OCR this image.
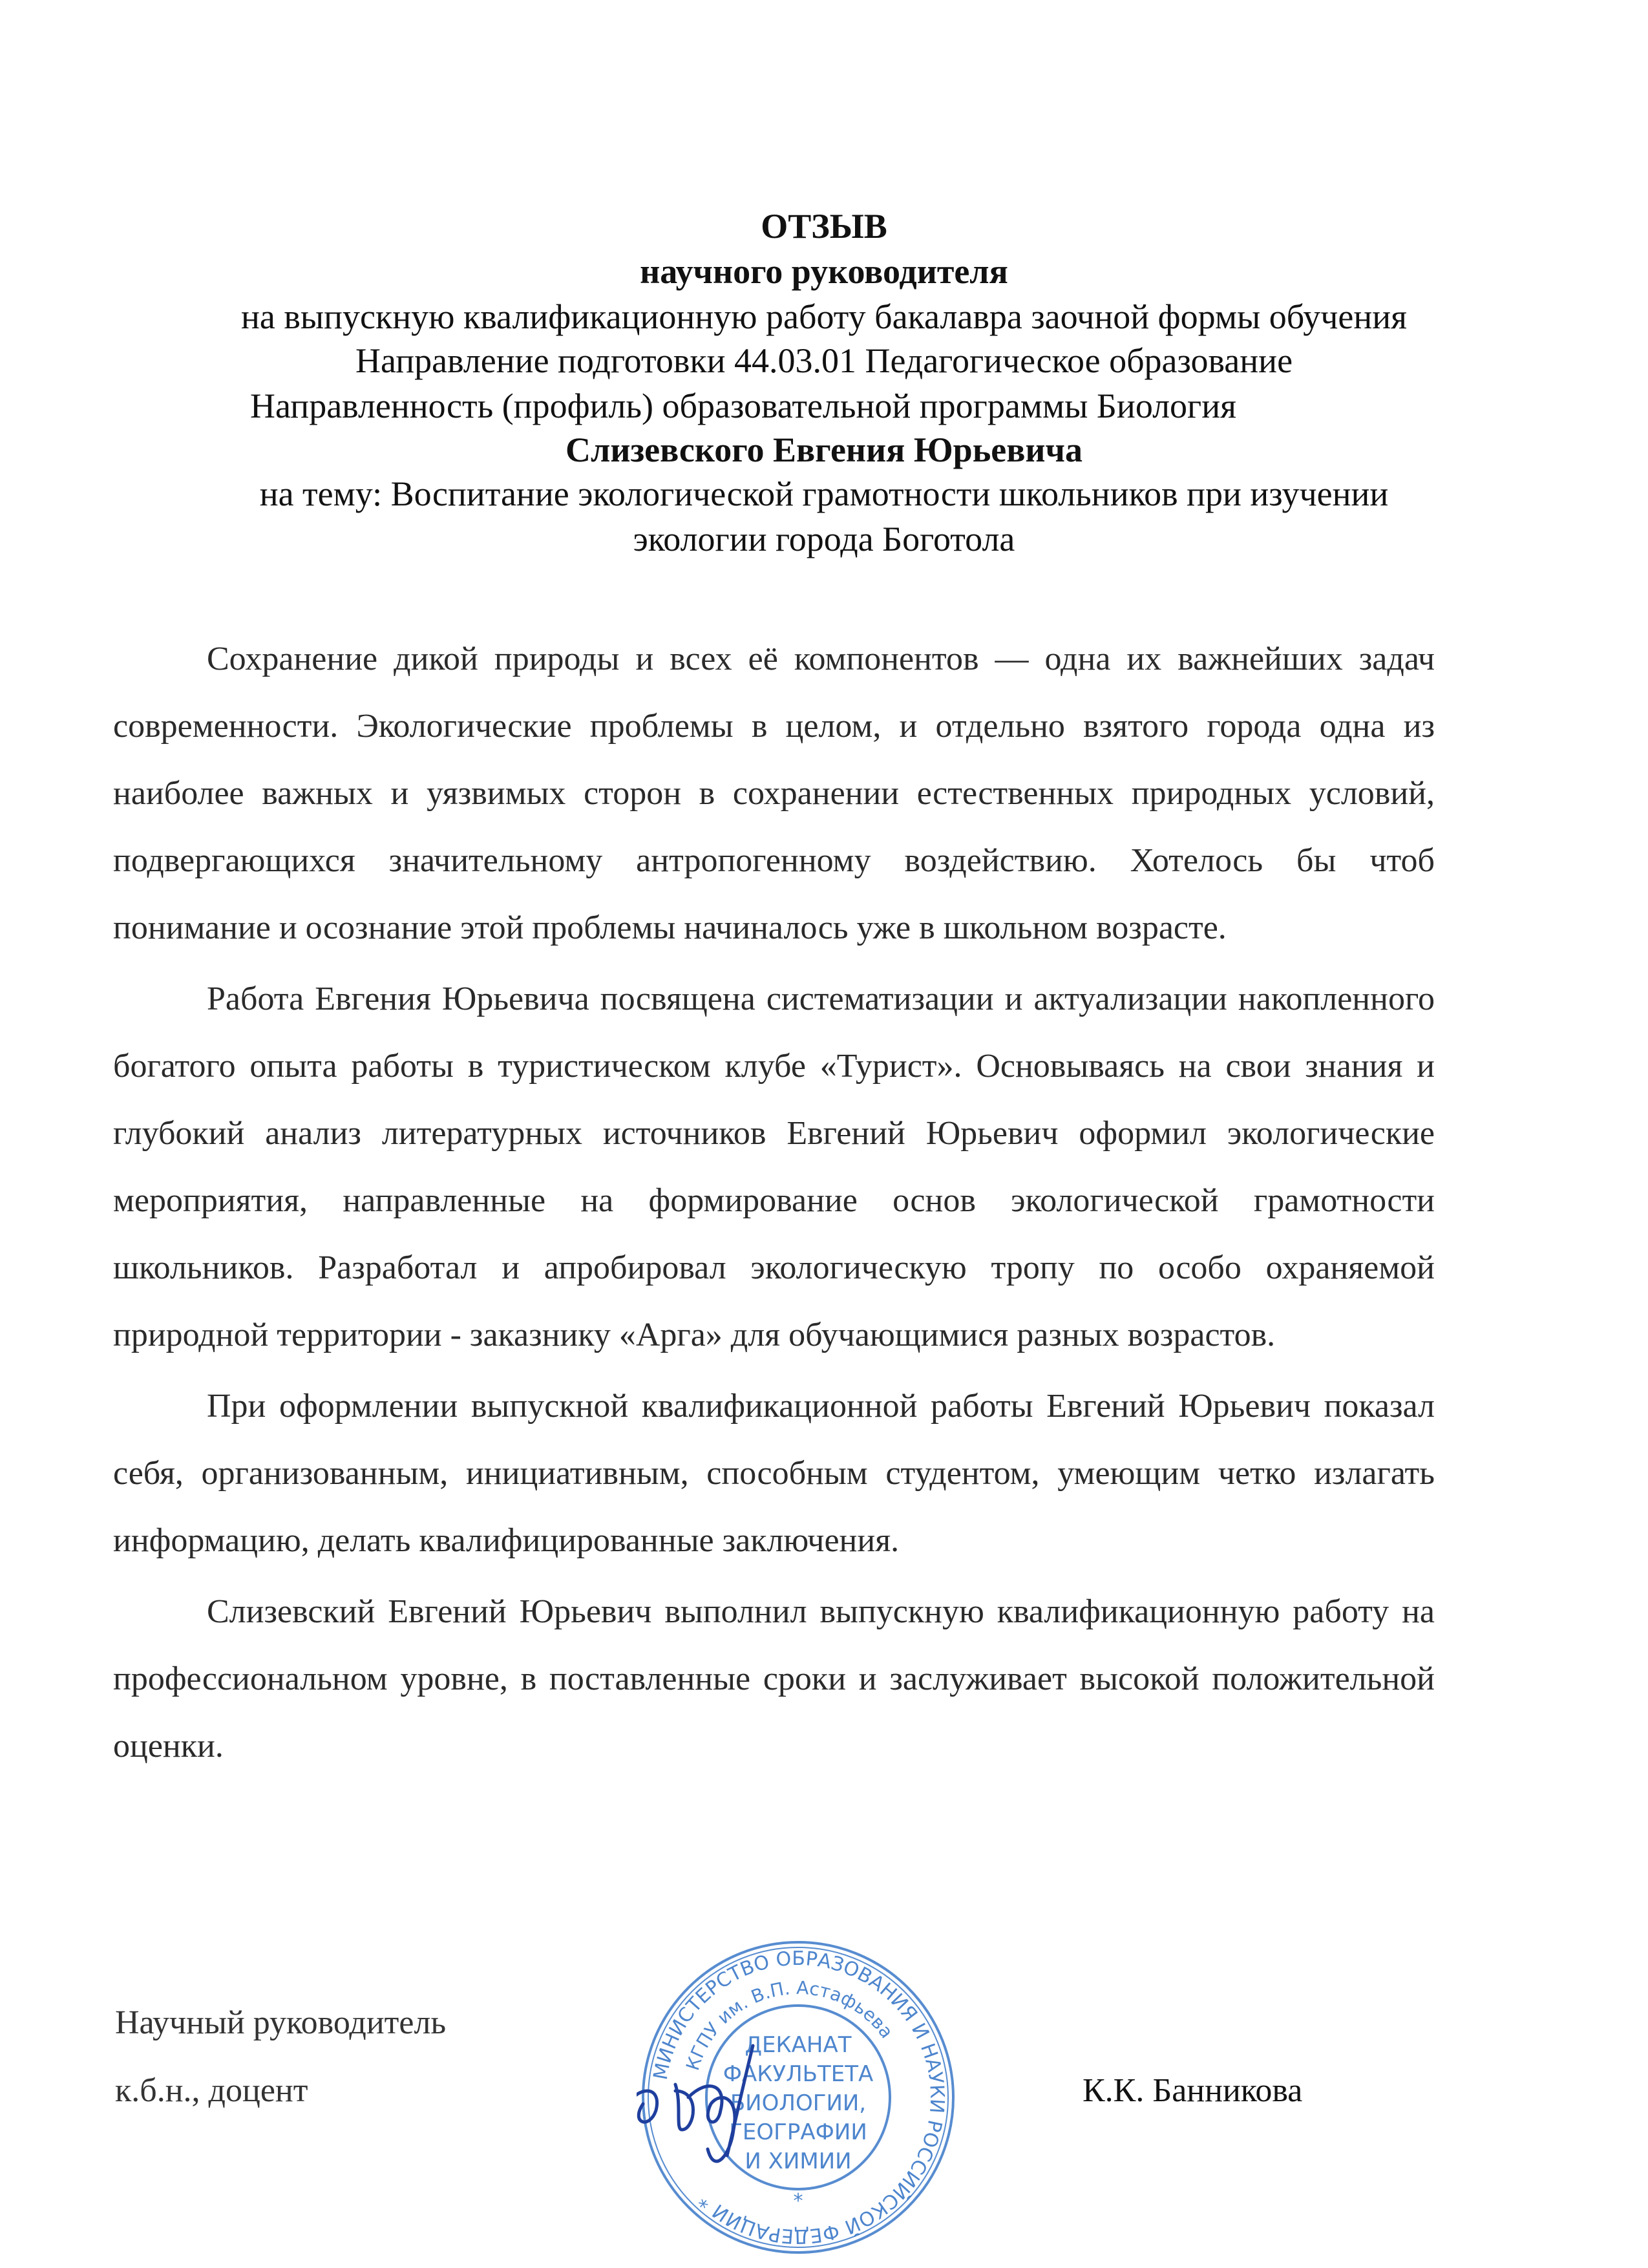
ОТЗЫВ
научного руководителя
на выпускную квалификационную работу бакалавра заочной формы обучения
Направление подготовки 44.03.01 Педагогическое образование
Направленность (профиль) образовательной программы Биология
Слизевского Евгения Юрьевича
на тему: Воспитание экологической грамотности школьников при изучении
экологии города Боготола

Сохранение дикой природы и всех её компонентов — одна их важнейших задач современности. Экологические проблемы в целом, и отдельно взятого города одна из наиболее важных и уязвимых сторон в сохранении естественных природных условий, подвергающихся значительному антропогенному воздействию. Хотелось бы чтоб понимание и осознание этой проблемы начиналось уже в школьном возрасте.

Работа Евгения Юрьевича посвящена систематизации и актуализации накопленного богатого опыта работы в туристическом клубе «Турист». Основываясь на свои знания и глубокий анализ литературных источников Евгений Юрьевич оформил экологические мероприятия, направленные на формирование основ экологической грамотности школьников. Разработал и апробировал экологическую тропу по особо охраняемой природной территории - заказнику «Арга» для обучающимися разных возрастов.

При оформлении выпускной квалификационной работы Евгений Юрьевич показал себя, организованным, инициативным, способным студентом, умеющим четко излагать информацию, делать квалифицированные заключения.

Слизевский Евгений Юрьевич выполнил выпускную квалификационную работу на профессиональном уровне, в поставленные сроки и заслуживает высокой положительной оценки.

Научный руководитель
к.б.н., доцент	К.К. Банникова
МИНИСТЕРСТВО ОБРАЗОВАНИЯ И НАУКИ РОССИЙСКОЙ ФЕДЕРАЦИИ *
КГПУ им. В.П. Астафьева
ДЕКАНАТ
ФАКУЛЬТЕТА
БИОЛОГИИ,
ГЕОГРАФИИ
И ХИМИИ
*
